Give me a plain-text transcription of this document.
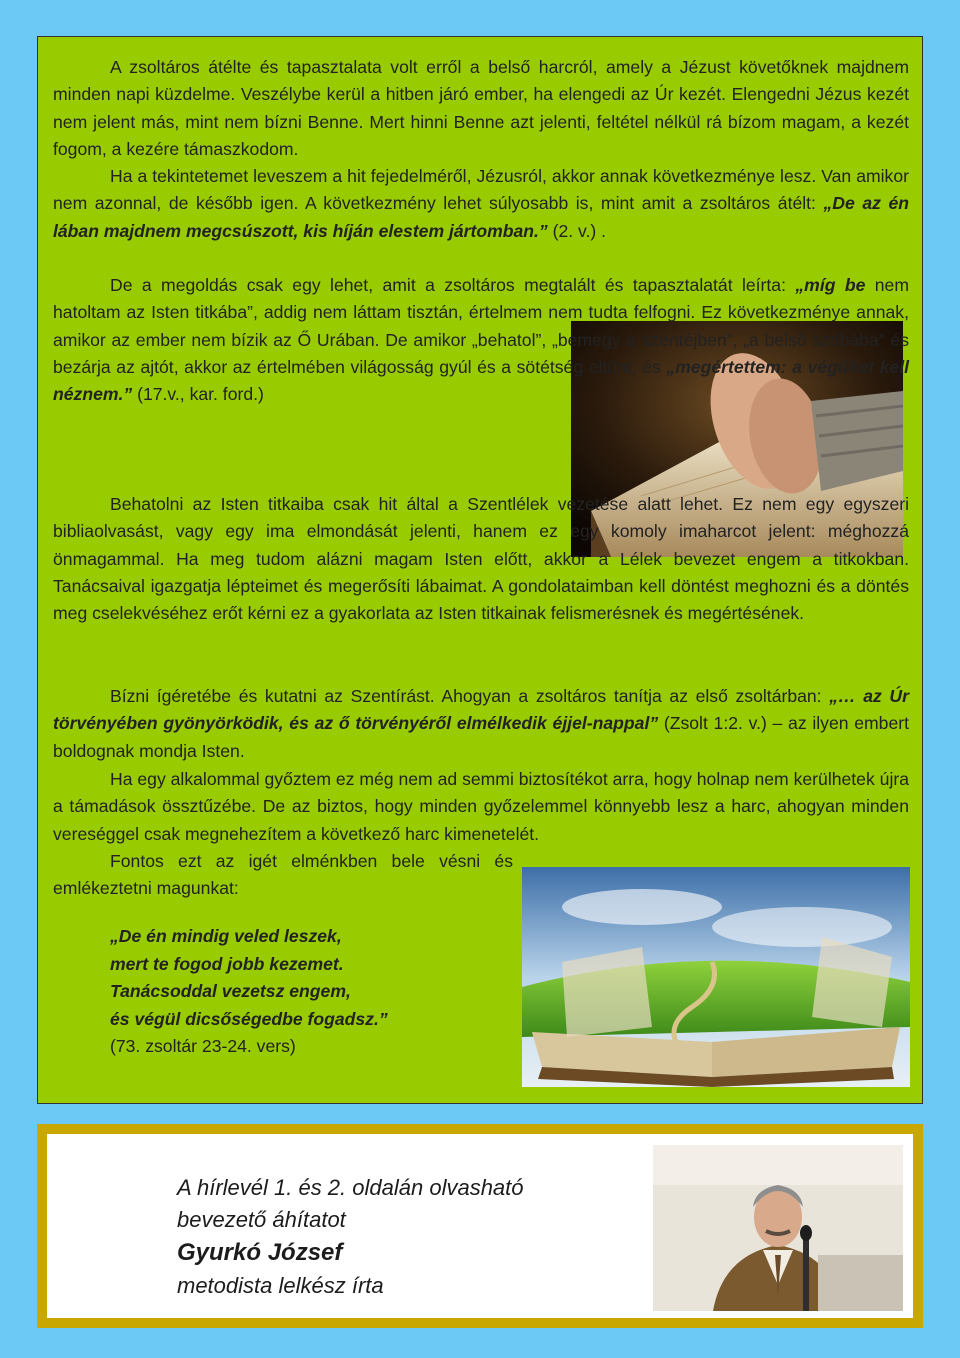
A zsoltáros átélte és tapasztalata volt erről a belső harcról, amely a Jézust követőknek majdnem minden napi küzdelme. Veszélybe kerül a hitben járó ember, ha elengedi az Úr kezét. Elengedni Jézus kezét nem jelent más, mint nem bízni Benne. Mert hinni Benne azt jelenti, feltétel nélkül rá bízom magam, a kezét fogom, a kezére támaszkodom.

Ha a tekintetemet leveszem a hit fejedelméről, Jézusról, akkor annak következménye lesz. Van amikor nem azonnal, de később igen. A következmény lehet súlyosabb is, mint amit a zsoltáros átélt: „De az én lában majdnem megcsúszott, kis híján elestem jártomban.” (2. v.) .

De a megoldás csak egy lehet, amit a zsoltáros megtalált és tapasztalatát leírta: „míg be nem hatoltam az Isten titkába”, addig nem láttam tisztán, értelmem nem tudta felfogni. Ez következménye annak, amikor az ember nem bízik az Ő Urában. De amikor „behatol”, „bemegy a szentéjben”, „a belső szobába” és bezárja az ajtót, akkor az értelmében világosság gyúl és a sötétség eltűnt, és „megértettem: a végüket kell néznem.” (17.v., kar. ford.)

Behatolni az Isten titkaiba csak hit által a Szentlélek vezetése alatt lehet. Ez nem egy egyszeri bibliaolvasást, vagy egy ima elmondását jelenti, hanem ez egy komoly imaharcot jelent: méghozzá önmagammal. Ha meg tudom alázni magam Isten előtt, akkor a Lélek bevezet engem a titkokban. Tanácsaival igazgatja lépteimet és megerősíti lábaimat. A gondolataimban kell döntést meghozni és a döntés meg cselekvéséhez erőt kérni ez a gyakorlata az Isten titkainak felismerésnek és megértésének.

Bízni ígéretébe és kutatni az Szentírást. Ahogyan a zsoltáros tanítja az első zsoltárban: „… az Úr törvényében gyönyörködik, és az ő törvényéről elmélkedik éjjel-nappal” (Zsolt 1:2. v.) – az ilyen embert boldognak mondja Isten.

Ha egy alkalommal győztem ez még nem ad semmi biztosítékot arra, hogy holnap nem kerülhetek újra a támadások össztűzébe. De az biztos, hogy minden győzelemmel könnyebb lesz a harc, ahogyan minden vereséggel csak megnehezítem a következő harc kimenetelét.

Fontos ezt az igét elménkben bele vésni és emlékeztetni magunkat:

„De én mindig veled leszek,
mert te fogod jobb kezemet.
Tanácsoddal vezetsz engem,
és végül dicsőségedbe fogadsz.”
(73. zsoltár 23-24. vers)
A hírlevél 1. és 2. oldalán olvasható
bevezető áhítatot
Gyurkó József
metodista lelkész írta
